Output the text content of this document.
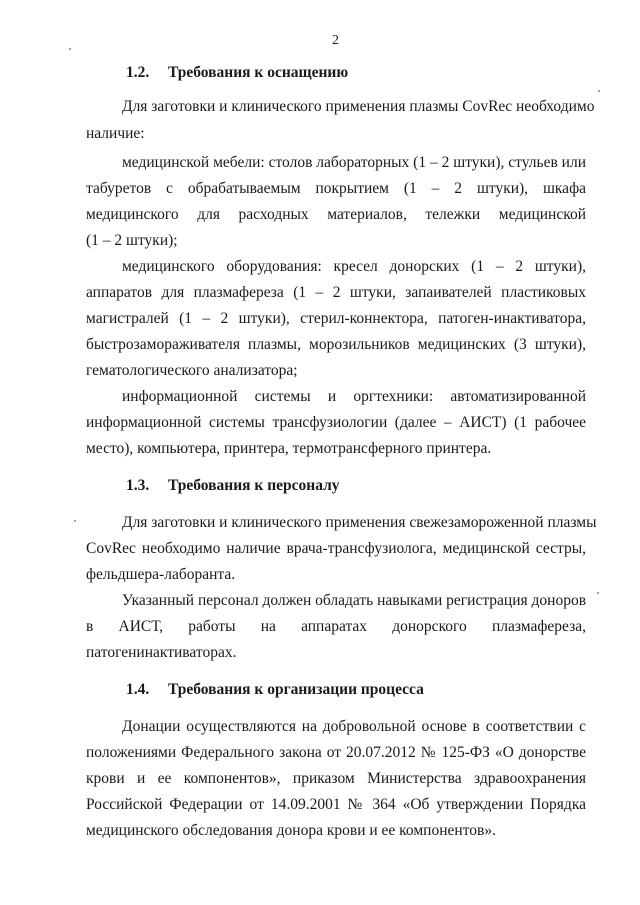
2
1.2. Требования к оснащению
Для заготовки и клинического применения плазмы CovRec необходимо
наличие:
медицинской мебели: столов лабораторных (1 – 2 штуки), стульев или
табуретов с обрабатываемым покрытием (1 – 2 штуки), шкафа
медицинского для расходных материалов, тележки медицинской
(1 – 2 штуки);
медицинского оборудования: кресел донорских (1 – 2 штуки),
аппаратов для плазмафереза (1 – 2 штуки, запаивателей пластиковых
магистралей (1 – 2 штуки), стерил-коннектора, патоген-инактиватора,
быстрозамораживателя плазмы, морозильников медицинских (3 штуки),
гематологического анализатора;
информационной системы и оргтехники: автоматизированной
информационной системы трансфузиологии (далее – АИСТ) (1 рабочее
место), компьютера, принтера, термотрансферного принтера.
1.3. Требования к персоналу
Для заготовки и клинического применения свежезамороженной плазмы
CovRec необходимо наличие врача-трансфузиолога, медицинской сестры,
фельдшера-лаборанта.
Указанный персонал должен обладать навыками регистрация доноров
в АИСТ, работы на аппаратах донорского плазмафереза,
патогенинактиваторах.
1.4. Требования к организации процесса
Донации осуществляются на добровольной основе в соответствии с
положениями Федерального закона от 20.07.2012 № 125-ФЗ «О донорстве
крови и ее компонентов», приказом Министерства здравоохранения
Российской Федерации от 14.09.2001 № 364 «Об утверждении Порядка
медицинского обследования донора крови и ее компонентов».
